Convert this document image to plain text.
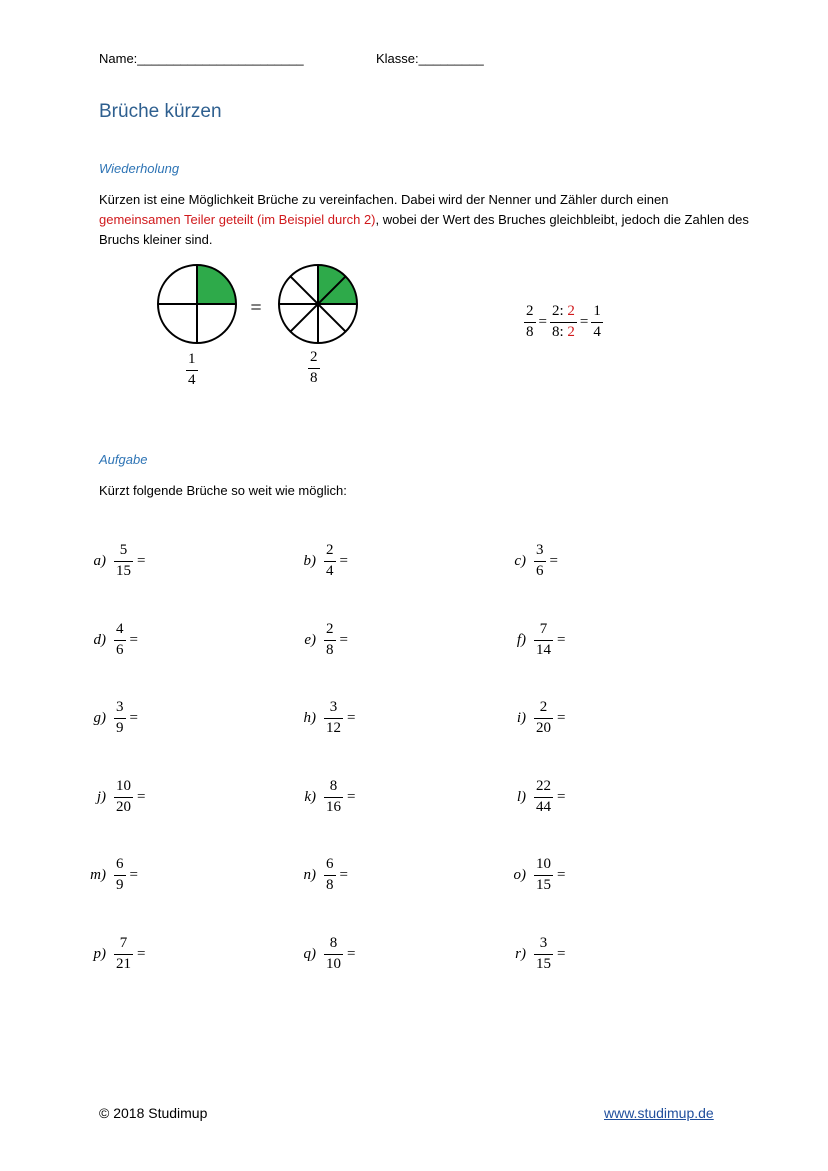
Name:_______________________	Klasse:_________
Brüche kürzen
Wiederholung
Kürzen ist eine Möglichkeit Brüche zu vereinfachen. Dabei wird der Nenner und Zähler durch einen gemeinsamen Teiler geteilt (im Beispiel durch 2), wobei der Wert des Bruches gleichbleibt, jedoch die Zahlen des Bruchs kleiner sind.
=
$\frac{1}{4}$	$\frac{2}{8}$
$\frac{2}{8} = \frac{2: 2}{8: 2} = \frac{1}{4}$
Aufgabe
Kürzt folgende Brüche so weit wie möglich:
$a) \frac{5}{15}$ =	$b) \frac{2}{4}$ =	$c) \frac{3}{6}$ =
$d) \frac{4}{6}$ =	$e) \frac{2}{8}$ =	$f) \frac{7}{14}$ =
$g) \frac{3}{9}$ =	$h) \frac{3}{12}$ =	$i) \frac{2}{20}$ =
$j) \frac{10}{20}$ =	$k) \frac{8}{16}$ =	$l) \frac{22}{44}$ =
$m) \frac{6}{9}$ =	$n) \frac{6}{8}$ =	$o) \frac{10}{15}$ =
$p) \frac{7}{21}$ =	$q) \frac{8}{10}$ =	$r) \frac{3}{15}$ =
© 2018 Studimup	www.studimup.de
